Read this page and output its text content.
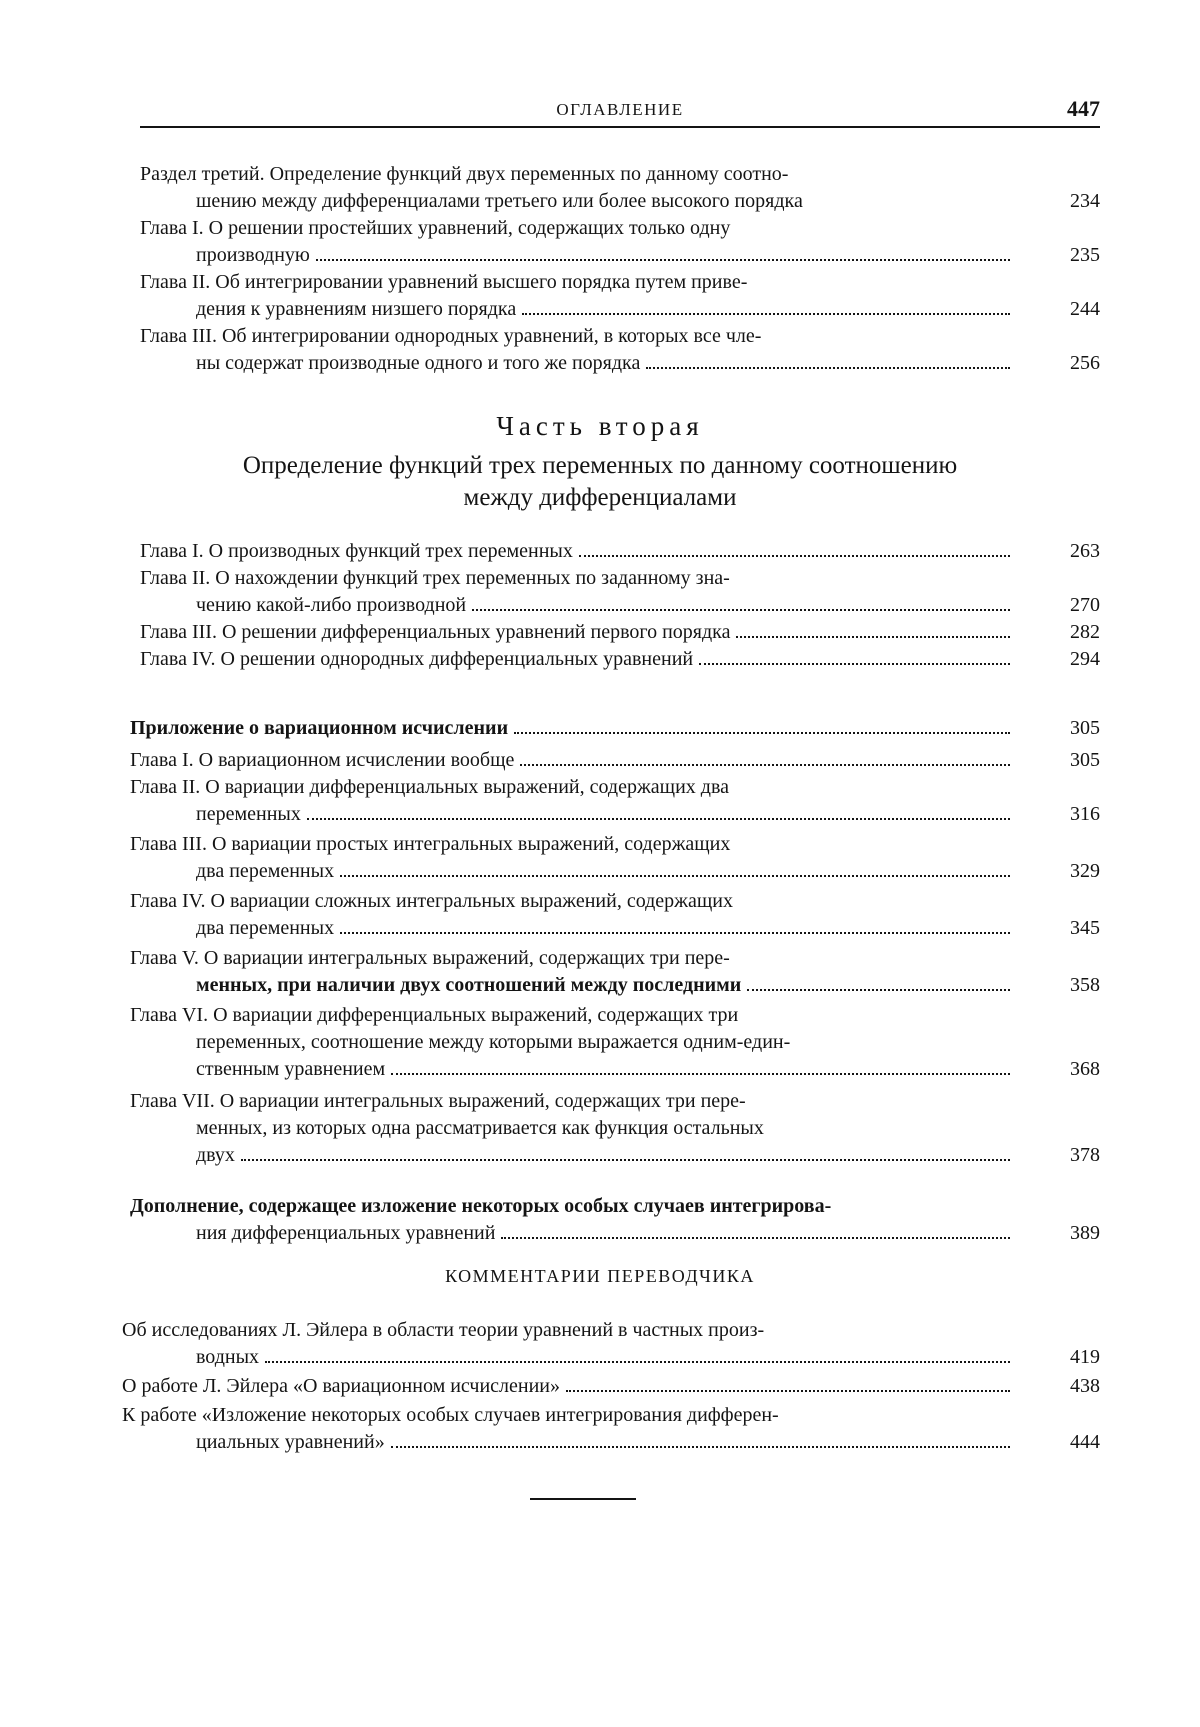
ОГЛАВЛЕНИЕ	447
Раздел третий. Определение функций двух переменных по данному соотно-
шению между дифференциалами третьего или более высокого порядка	234
Глава I. О решении простейших уравнений, содержащих только одну
производную	235
Глава II. Об интегрировании уравнений высшего порядка путем приве-
дения к уравнениям низшего порядка	244
Глава III. Об интегрировании однородных уравнений, в которых все чле-
ны содержат производные одного и того же порядка	256
Часть вторая
Определение функций трех переменных по данному соотношению
между дифференциалами
Глава I. О производных функций трех переменных	263
Глава II. О нахождении функций трех переменных по заданному зна-
чению какой-либо производной	270
Глава III. О решении дифференциальных уравнений первого порядка	282
Глава IV. О решении однородных дифференциальных уравнений	294
Приложение о вариационном исчислении	305
Глава I. О вариационном исчислении вообще	305
Глава II. О вариации дифференциальных выражений, содержащих два
переменных	316
Глава III. О вариации простых интегральных выражений, содержащих
два переменных	329
Глава IV. О вариации сложных интегральных выражений, содержащих
два переменных	345
Глава V. О вариации интегральных выражений, содержащих три пере-
менных, при наличии двух соотношений между последними	358
Глава VI. О вариации дифференциальных выражений, содержащих три
переменных, соотношение между которыми выражается одним-един-
ственным уравнением	368
Глава VII. О вариации интегральных выражений, содержащих три пере-
менных, из которых одна рассматривается как функция остальных
двух	378
Дополнение, содержащее изложение некоторых особых случаев интегрирова-
ния дифференциальных уравнений	389
КОММЕНТАРИИ ПЕРЕВОДЧИКА
Об исследованиях Л. Эйлера в области теории уравнений в частных произ-
водных	419
О работе Л. Эйлера «О вариационном исчислении»	438
К работе «Изложение некоторых особых случаев интегрирования дифферен-
циальных уравнений»	444
